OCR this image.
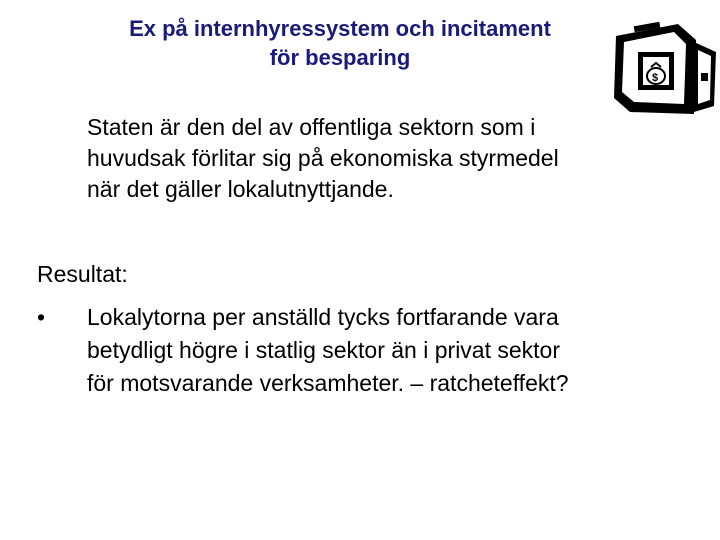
Ex på internhyressystem och incitament
för besparing
$
Staten är den del av offentliga sektorn som i
huvudsak förlitar sig på ekonomiska styrmedel
när det gäller lokalutnyttjande.
Resultat:
• Lokalytorna per anställd tycks fortfarande vara
betydligt högre i statlig sektor än i privat sektor
för motsvarande verksamheter. – ratcheteffekt?
